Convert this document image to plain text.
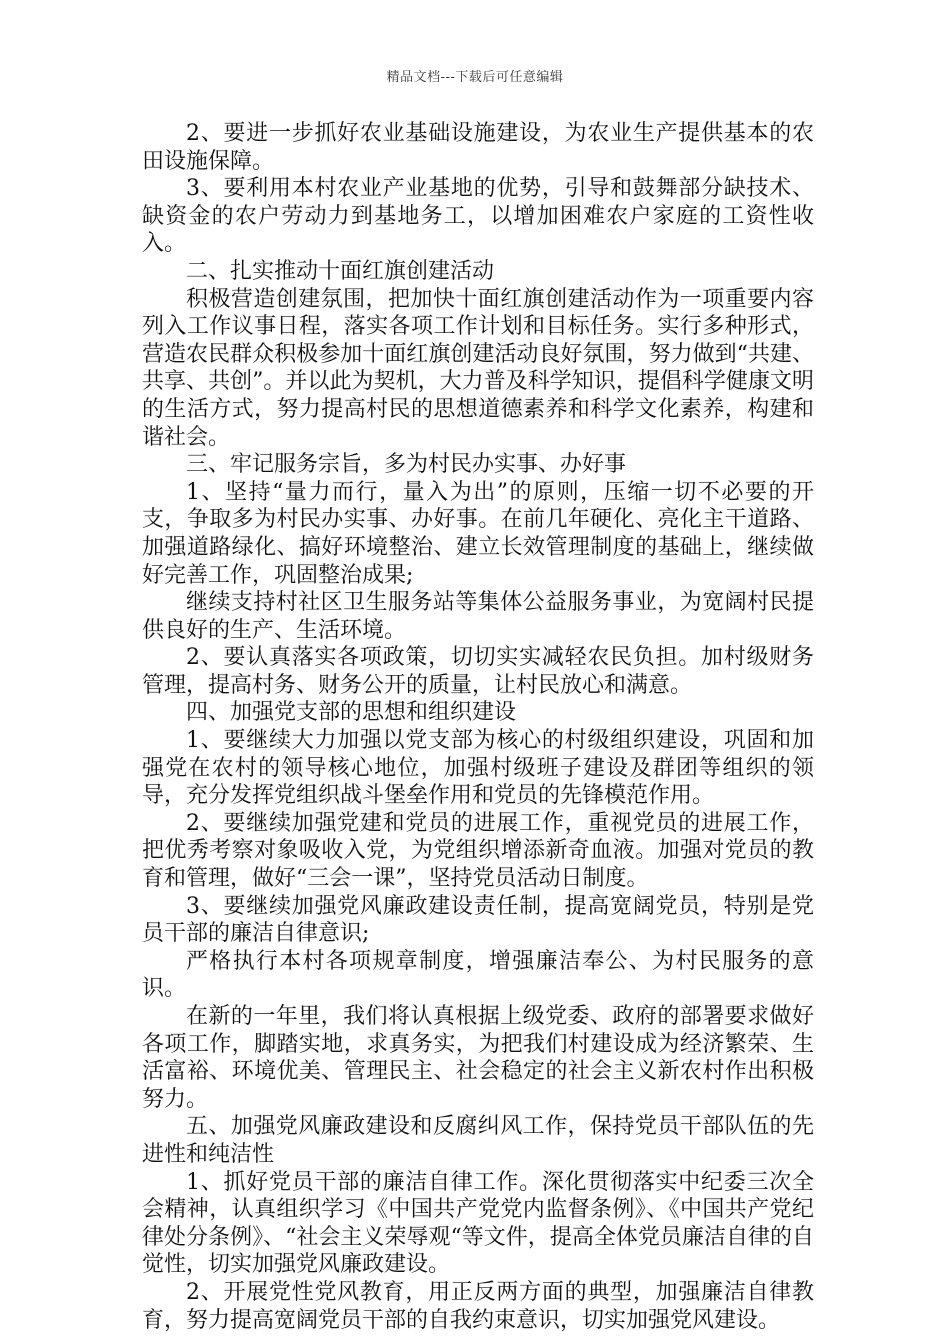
精品文档---下载后可任意编辑

2、要进一步抓好农业基础设施建设，为农业生产提供基本的农田设施保障。

3、要利用本村农业产业基地的优势，引导和鼓舞部分缺技术、缺资金的农户劳动力到基地务工，以增加困难农户家庭的工资性收入。

二、扎实推动十面红旗创建活动

积极营造创建氛围，把加快十面红旗创建活动作为一项重要内容列入工作议事日程，落实各项工作计划和目标任务。实行多种形式，营造农民群众积极参加十面红旗创建活动良好氛围，努力做到“共建、共享、共创”。并以此为契机，大力普及科学知识，提倡科学健康文明的生活方式，努力提高村民的思想道德素养和科学文化素养，构建和谐社会。

三、牢记服务宗旨，多为村民办实事、办好事

1、坚持“量力而行，量入为出”的原则，压缩一切不必要的开支，争取多为村民办实事、办好事。在前几年硬化、亮化主干道路、加强道路绿化、搞好环境整治、建立长效管理制度的基础上，继续做好完善工作，巩固整治成果;

继续支持村社区卫生服务站等集体公益服务事业，为宽阔村民提供良好的生产、生活环境。

2、要认真落实各项政策，切切实实减轻农民负担。加村级财务管理，提高村务、财务公开的质量，让村民放心和满意。

四、加强党支部的思想和组织建设

1、要继续大力加强以党支部为核心的村级组织建设，巩固和加强党在农村的领导核心地位，加强村级班子建设及群团等组织的领导，充分发挥党组织战斗堡垒作用和党员的先锋模范作用。

2、要继续加强党建和党员的进展工作，重视党员的进展工作，把优秀考察对象吸收入党，为党组织增添新奇血液。加强对党员的教育和管理，做好“三会一课”，坚持党员活动日制度。

3、要继续加强党风廉政建设责任制，提高宽阔党员，特别是党员干部的廉洁自律意识;

严格执行本村各项规章制度，增强廉洁奉公、为村民服务的意识。

在新的一年里，我们将认真根据上级党委、政府的部署要求做好各项工作，脚踏实地，求真务实，为把我们村建设成为经济繁荣、生活富裕、环境优美、管理民主、社会稳定的社会主义新农村作出积极努力。

五、加强党风廉政建设和反腐纠风工作，保持党员干部队伍的先进性和纯洁性

1、抓好党员干部的廉洁自律工作。深化贯彻落实中纪委三次全会精神，认真组织学习《中国共产党党内监督条例》、《中国共产党纪律处分条例》、“社会主义荣辱观“等文件，提高全体党员廉洁自律的自觉性，切实加强党风廉政建设。

2、开展党性党风教育，用正反两方面的典型，加强廉洁自律教育，努力提高宽阔党员干部的自我约束意识，切实加强党风建设。
